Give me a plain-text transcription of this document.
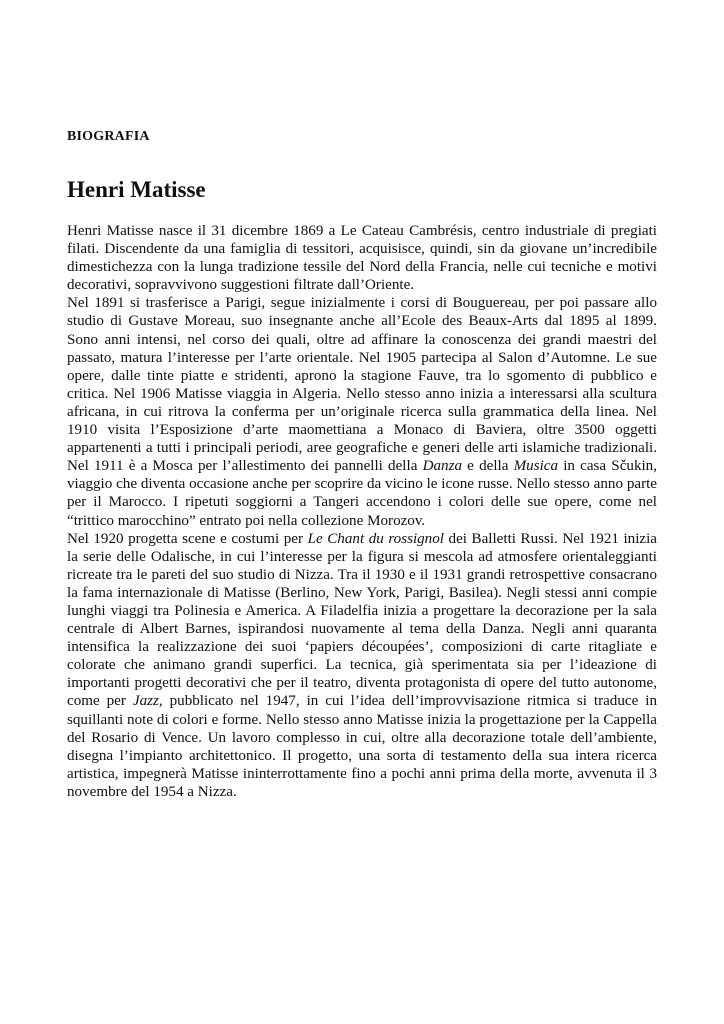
BIOGRAFIA
Henri Matisse

Henri Matisse nasce il 31 dicembre 1869 a Le Cateau Cambrésis, centro industriale di pregiati filati. Discendente da una famiglia di tessitori, acquisisce, quindi, sin da giovane un’incredibile dimestichezza con la lunga tradizione tessile del Nord della Francia, nelle cui tecniche e motivi decorativi, sopravvivono suggestioni filtrate dall’Oriente.

Nel 1891 si trasferisce a Parigi, segue inizialmente i corsi di Bouguereau, per poi passare allo studio di Gustave Moreau, suo insegnante anche all’Ecole des Beaux-Arts dal 1895 al 1899. Sono anni intensi, nel corso dei quali, oltre ad affinare la conoscenza dei grandi maestri del passato, matura l’interesse per l’arte orientale. Nel 1905 partecipa al Salon d’Automne. Le sue opere, dalle tinte piatte e stridenti, aprono la stagione Fauve, tra lo sgomento di pubblico e critica. Nel 1906 Matisse viaggia in Algeria. Nello stesso anno inizia a interessarsi alla scultura africana, in cui ritrova la conferma per un’originale ricerca sulla grammatica della linea. Nel 1910 visita l’Esposizione d’arte maomettiana a Monaco di Baviera, oltre 3500 oggetti appartenenti a tutti i principali periodi, aree geografiche e generi delle arti islamiche tradizionali. Nel 1911 è a Mosca per l’allestimento dei pannelli della Danza e della Musica in casa Sčukin, viaggio che diventa occasione anche per scoprire da vicino le icone russe. Nello stesso anno parte per il Marocco. I ripetuti soggiorni a Tangeri accendono i colori delle sue opere, come nel “trittico marocchino” entrato poi nella collezione Morozov.

Nel 1920 progetta scene e costumi per Le Chant du rossignol dei Balletti Russi. Nel 1921 inizia la serie delle Odalische, in cui l’interesse per la figura si mescola ad atmosfere orientaleggianti ricreate tra le pareti del suo studio di Nizza. Tra il 1930 e il 1931 grandi retrospettive consacrano la fama internazionale di Matisse (Berlino, New York, Parigi, Basilea). Negli stessi anni compie lunghi viaggi tra Polinesia e America. A Filadelfia inizia a progettare la decorazione per la sala centrale di Albert Barnes, ispirandosi nuovamente al tema della Danza. Negli anni quaranta intensifica la realizzazione dei suoi ‘papiers découpées’, composizioni di carte ritagliate e colorate che animano grandi superfici. La tecnica, già sperimentata sia per l’ideazione di importanti progetti decorativi che per il teatro, diventa protagonista di opere del tutto autonome, come per Jazz, pubblicato nel 1947, in cui l’idea dell’improvvisazione ritmica si traduce in squillanti note di colori e forme. Nello stesso anno Matisse inizia la progettazione per la Cappella del Rosario di Vence. Un lavoro complesso in cui, oltre alla decorazione totale dell’ambiente, disegna l’impianto architettonico. Il progetto, una sorta di testamento della sua intera ricerca artistica, impegnerà Matisse ininterrottamente fino a pochi anni prima della morte, avvenuta il 3 novembre del 1954 a Nizza.
